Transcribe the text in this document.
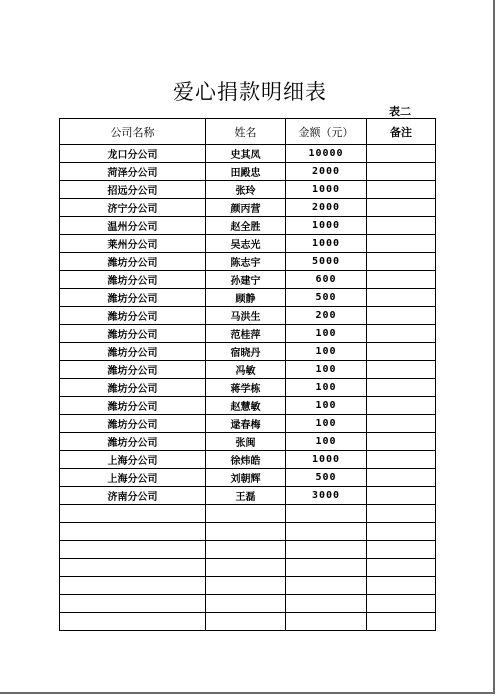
爱心捐款明细表
表二
公司名称	姓名	金额（元）	备注
龙口分公司	史其凤	10000	
菏泽分公司	田殿忠	2000	
招远分公司	张玲	1000	
济宁分公司	颜丙营	2000	
温州分公司	赵全胜	1000	
莱州分公司	吴志光	1000	
潍坊分公司	陈志宇	5000	
潍坊分公司	孙建宁	600	
潍坊分公司	顾静	500	
潍坊分公司	马洪生	200	
潍坊分公司	范桂萍	100	
潍坊分公司	宿晓丹	100	
潍坊分公司	冯敏	100	
潍坊分公司	蒋学栋	100	
潍坊分公司	赵慧敏	100	
潍坊分公司	逯春梅	100	
潍坊分公司	张闽	100	
上海分公司	徐炜皓	1000	
上海分公司	刘朝辉	500	
济南分公司	王磊	3000	
